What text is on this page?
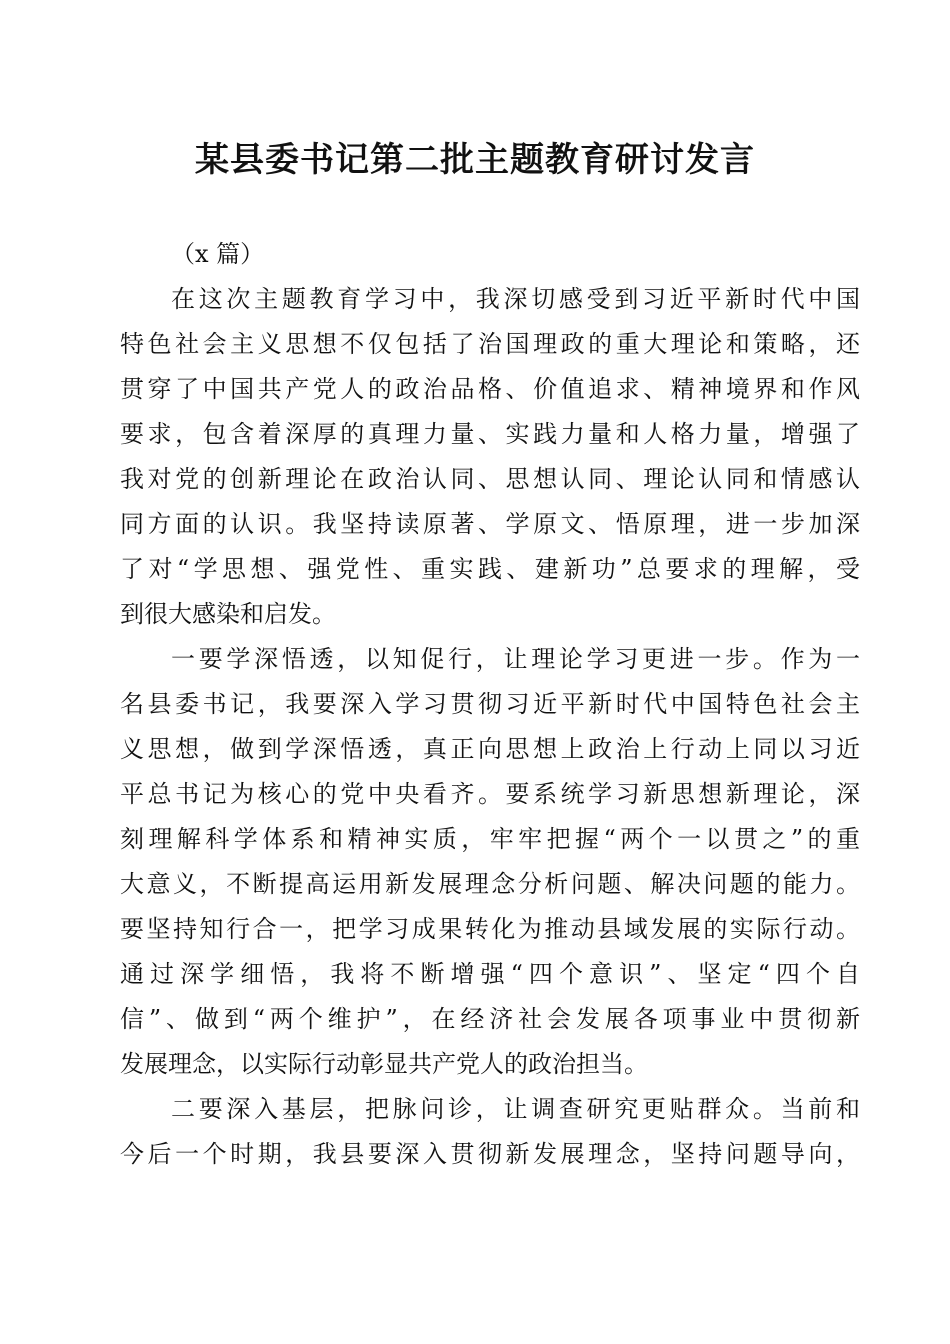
某县委书记第二批主题教育研讨发言
（x 篇）
在这次主题教育学习中，我深切感受到习近平新时代中国
特色社会主义思想不仅包括了治国理政的重大理论和策略，还
贯穿了中国共产党人的政治品格、价值追求、精神境界和作风
要求，包含着深厚的真理力量、实践力量和人格力量，增强了
我对党的创新理论在政治认同、思想认同、理论认同和情感认
同方面的认识。我坚持读原著、学原文、悟原理，进一步加深
了对“学思想、强党性、重实践、建新功”总要求的理解，受
到很大感染和启发。
一要学深悟透，以知促行，让理论学习更进一步。作为一
名县委书记，我要深入学习贯彻习近平新时代中国特色社会主
义思想，做到学深悟透，真正向思想上政治上行动上同以习近
平总书记为核心的党中央看齐。要系统学习新思想新理论，深
刻理解科学体系和精神实质，牢牢把握“两个一以贯之”的重
大意义，不断提高运用新发展理念分析问题、解决问题的能力。
要坚持知行合一，把学习成果转化为推动县域发展的实际行动。
通过深学细悟，我将不断增强“四个意识”、坚定“四个自
信”、做到“两个维护”，在经济社会发展各项事业中贯彻新
发展理念，以实际行动彰显共产党人的政治担当。
二要深入基层，把脉问诊，让调查研究更贴群众。当前和
今后一个时期，我县要深入贯彻新发展理念，坚持问题导向，
